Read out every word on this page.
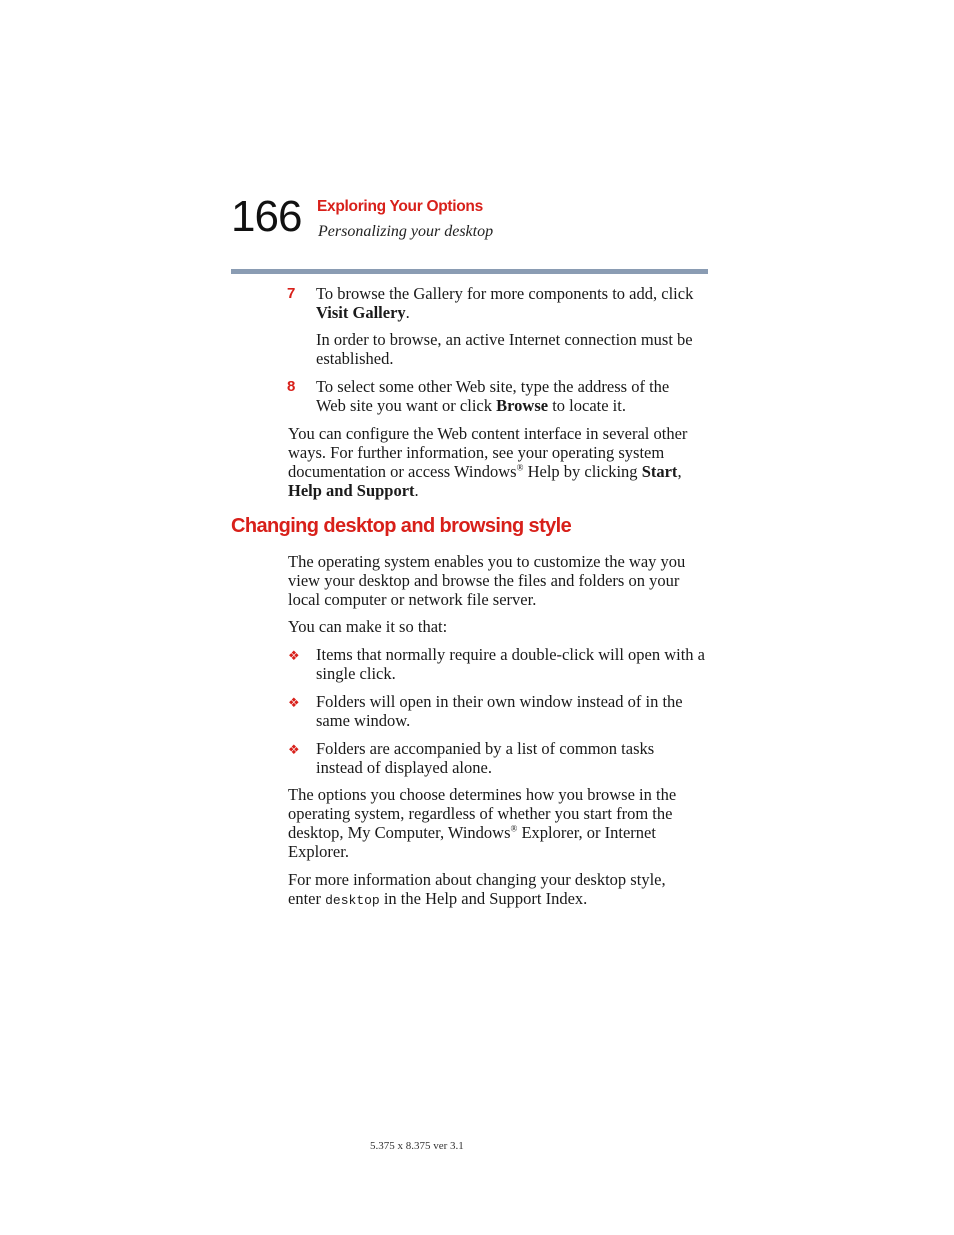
166 Exploring Your Options
Personalizing your desktop
7 To browse the Gallery for more components to add, click Visit Gallery.
In order to browse, an active Internet connection must be established.
8 To select some other Web site, type the address of the Web site you want or click Browse to locate it.
You can configure the Web content interface in several other ways. For further information, see your operating system documentation or access Windows® Help by clicking Start, Help and Support.
Changing desktop and browsing style
The operating system enables you to customize the way you view your desktop and browse the files and folders on your local computer or network file server.
You can make it so that:
❖ Items that normally require a double-click will open with a single click.
❖ Folders will open in their own window instead of in the same window.
❖ Folders are accompanied by a list of common tasks instead of displayed alone.
The options you choose determines how you browse in the operating system, regardless of whether you start from the desktop, My Computer, Windows® Explorer, or Internet Explorer.
For more information about changing your desktop style, enter desktop in the Help and Support Index.
5.375 x 8.375 ver 3.1
